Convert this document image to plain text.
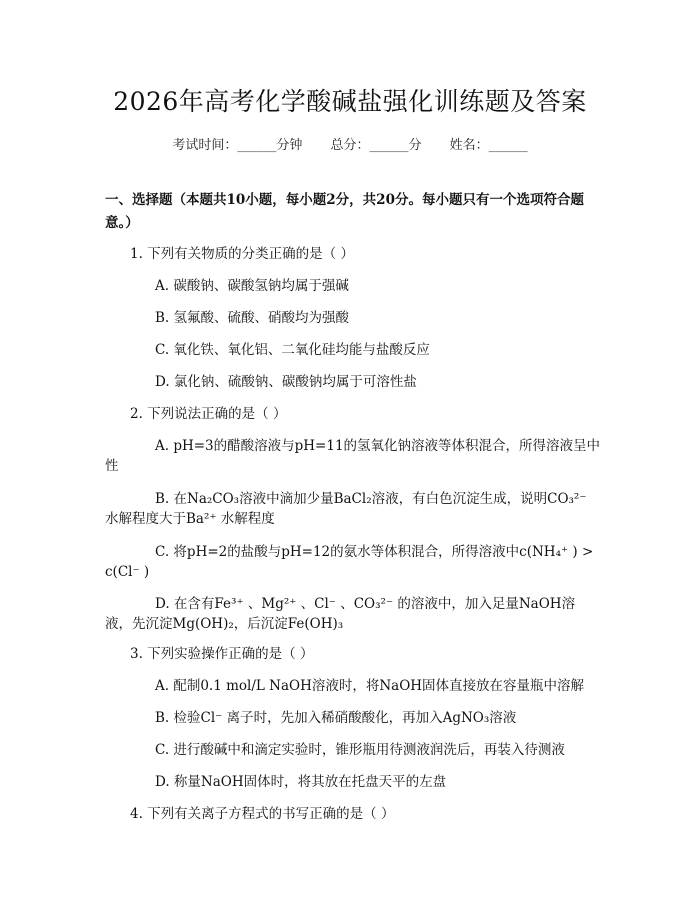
2026年高考化学酸碱盐强化训练题及答案
考试时间：______分钟 总分：______分 姓名：______
一、选择题（本题共10小题，每小题2分，共20分。每小题只有一个选项符合题意。）
1. 下列有关物质的分类正确的是（ ）
A. 碳酸钠、碳酸氢钠均属于强碱
B. 氢氟酸、硫酸、硝酸均为强酸
C. 氧化铁、氧化铝、二氧化硅均能与盐酸反应
D. 氯化钠、硫酸钠、碳酸钠均属于可溶性盐
2. 下列说法正确的是（ ）
A. pH=3的醋酸溶液与pH=11的氢氧化钠溶液等体积混合，所得溶液呈中
性
B. 在Na₂CO₃溶液中滴加少量BaCl₂溶液，有白色沉淀生成，说明CO₃²⁻
水解程度大于Ba²⁺ 水解程度
C. 将pH=2的盐酸与pH=12的氨水等体积混合，所得溶液中c(NH₄⁺ ) >
c(Cl⁻ )
D. 在含有Fe³⁺ 、Mg²⁺ 、Cl⁻ 、CO₃²⁻ 的溶液中，加入足量NaOH溶
液，先沉淀Mg(OH)₂，后沉淀Fe(OH)₃
3. 下列实验操作正确的是（ ）
A. 配制0.1 mol/L NaOH溶液时，将NaOH固体直接放在容量瓶中溶解
B. 检验Cl⁻ 离子时，先加入稀硝酸酸化，再加入AgNO₃溶液
C. 进行酸碱中和滴定实验时，锥形瓶用待测液润洗后，再装入待测液
D. 称量NaOH固体时，将其放在托盘天平的左盘
4. 下列有关离子方程式的书写正确的是（ ）
